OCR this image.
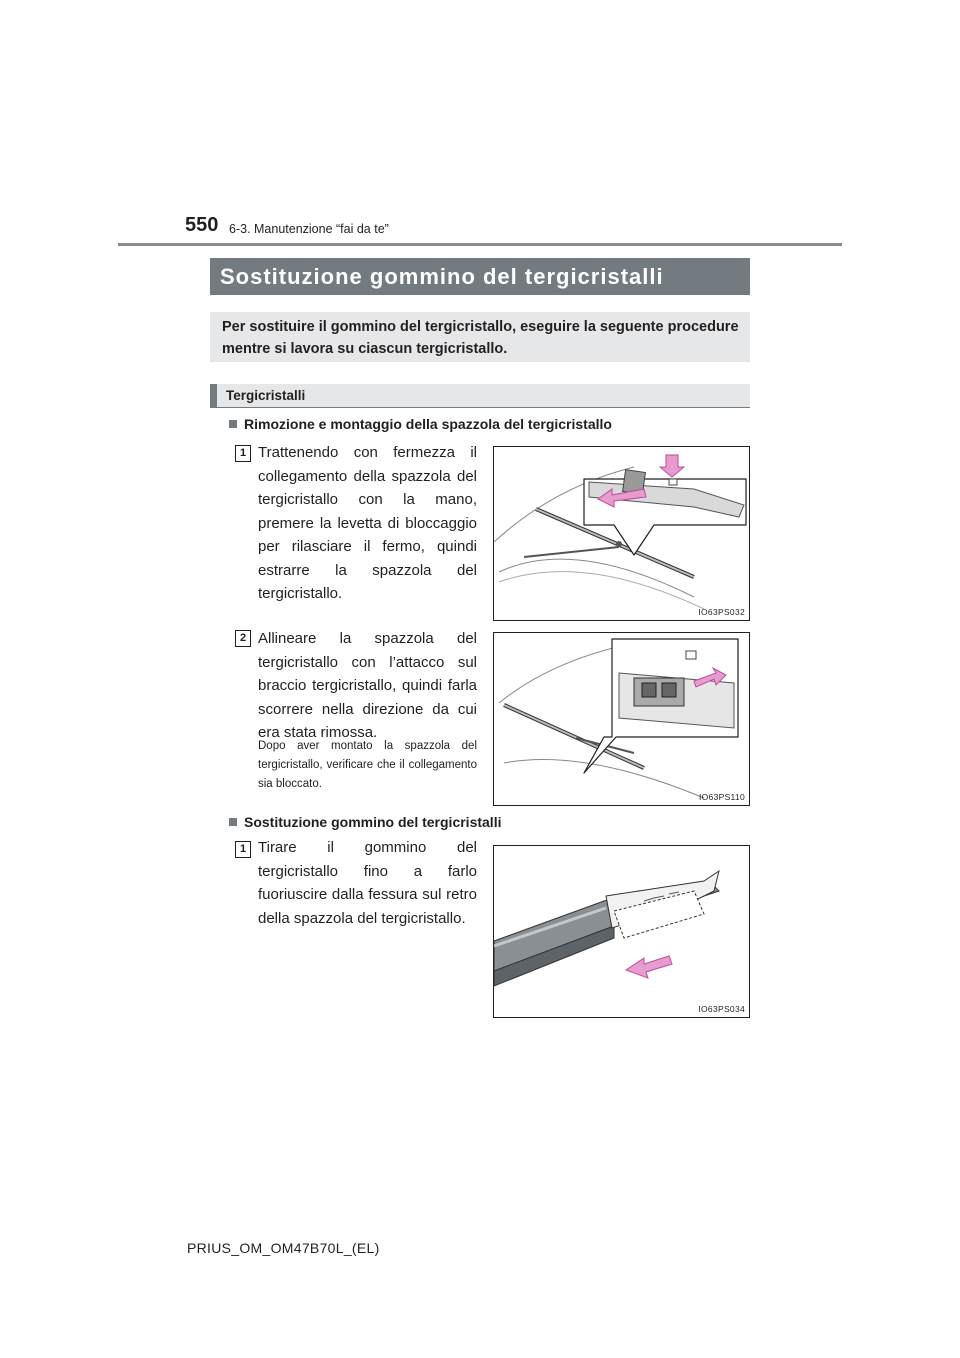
550 6-3. Manutenzione “fai da te”
Sostituzione gommino del tergicristalli
Per sostituire il gommino del tergicristallo, eseguire la seguente procedure mentre si lavora su ciascun tergicristallo.
Tergicristalli
Rimozione e montaggio della spazzola del tergicristallo
1 Trattenendo con fermezza il collegamento della spazzola del tergicristallo con la mano, premere la levetta di bloccaggio per rilasciare il fermo, quindi estrarre la spazzola del tergicristallo.
IO63PS032
2 Allineare la spazzola del tergicristallo con l’attacco sul braccio tergicristallo, quindi farla scorrere nella direzione da cui era stata rimossa.
Dopo aver montato la spazzola del tergicristallo, verificare che il collegamento sia bloccato.
IO63PS110
Sostituzione gommino del tergicristalli
1 Tirare il gommino del tergicristallo fino a farlo fuoriuscire dalla fessura sul retro della spazzola del tergicristallo.
IO63PS034
PRIUS_OM_OM47B70L_(EL)
